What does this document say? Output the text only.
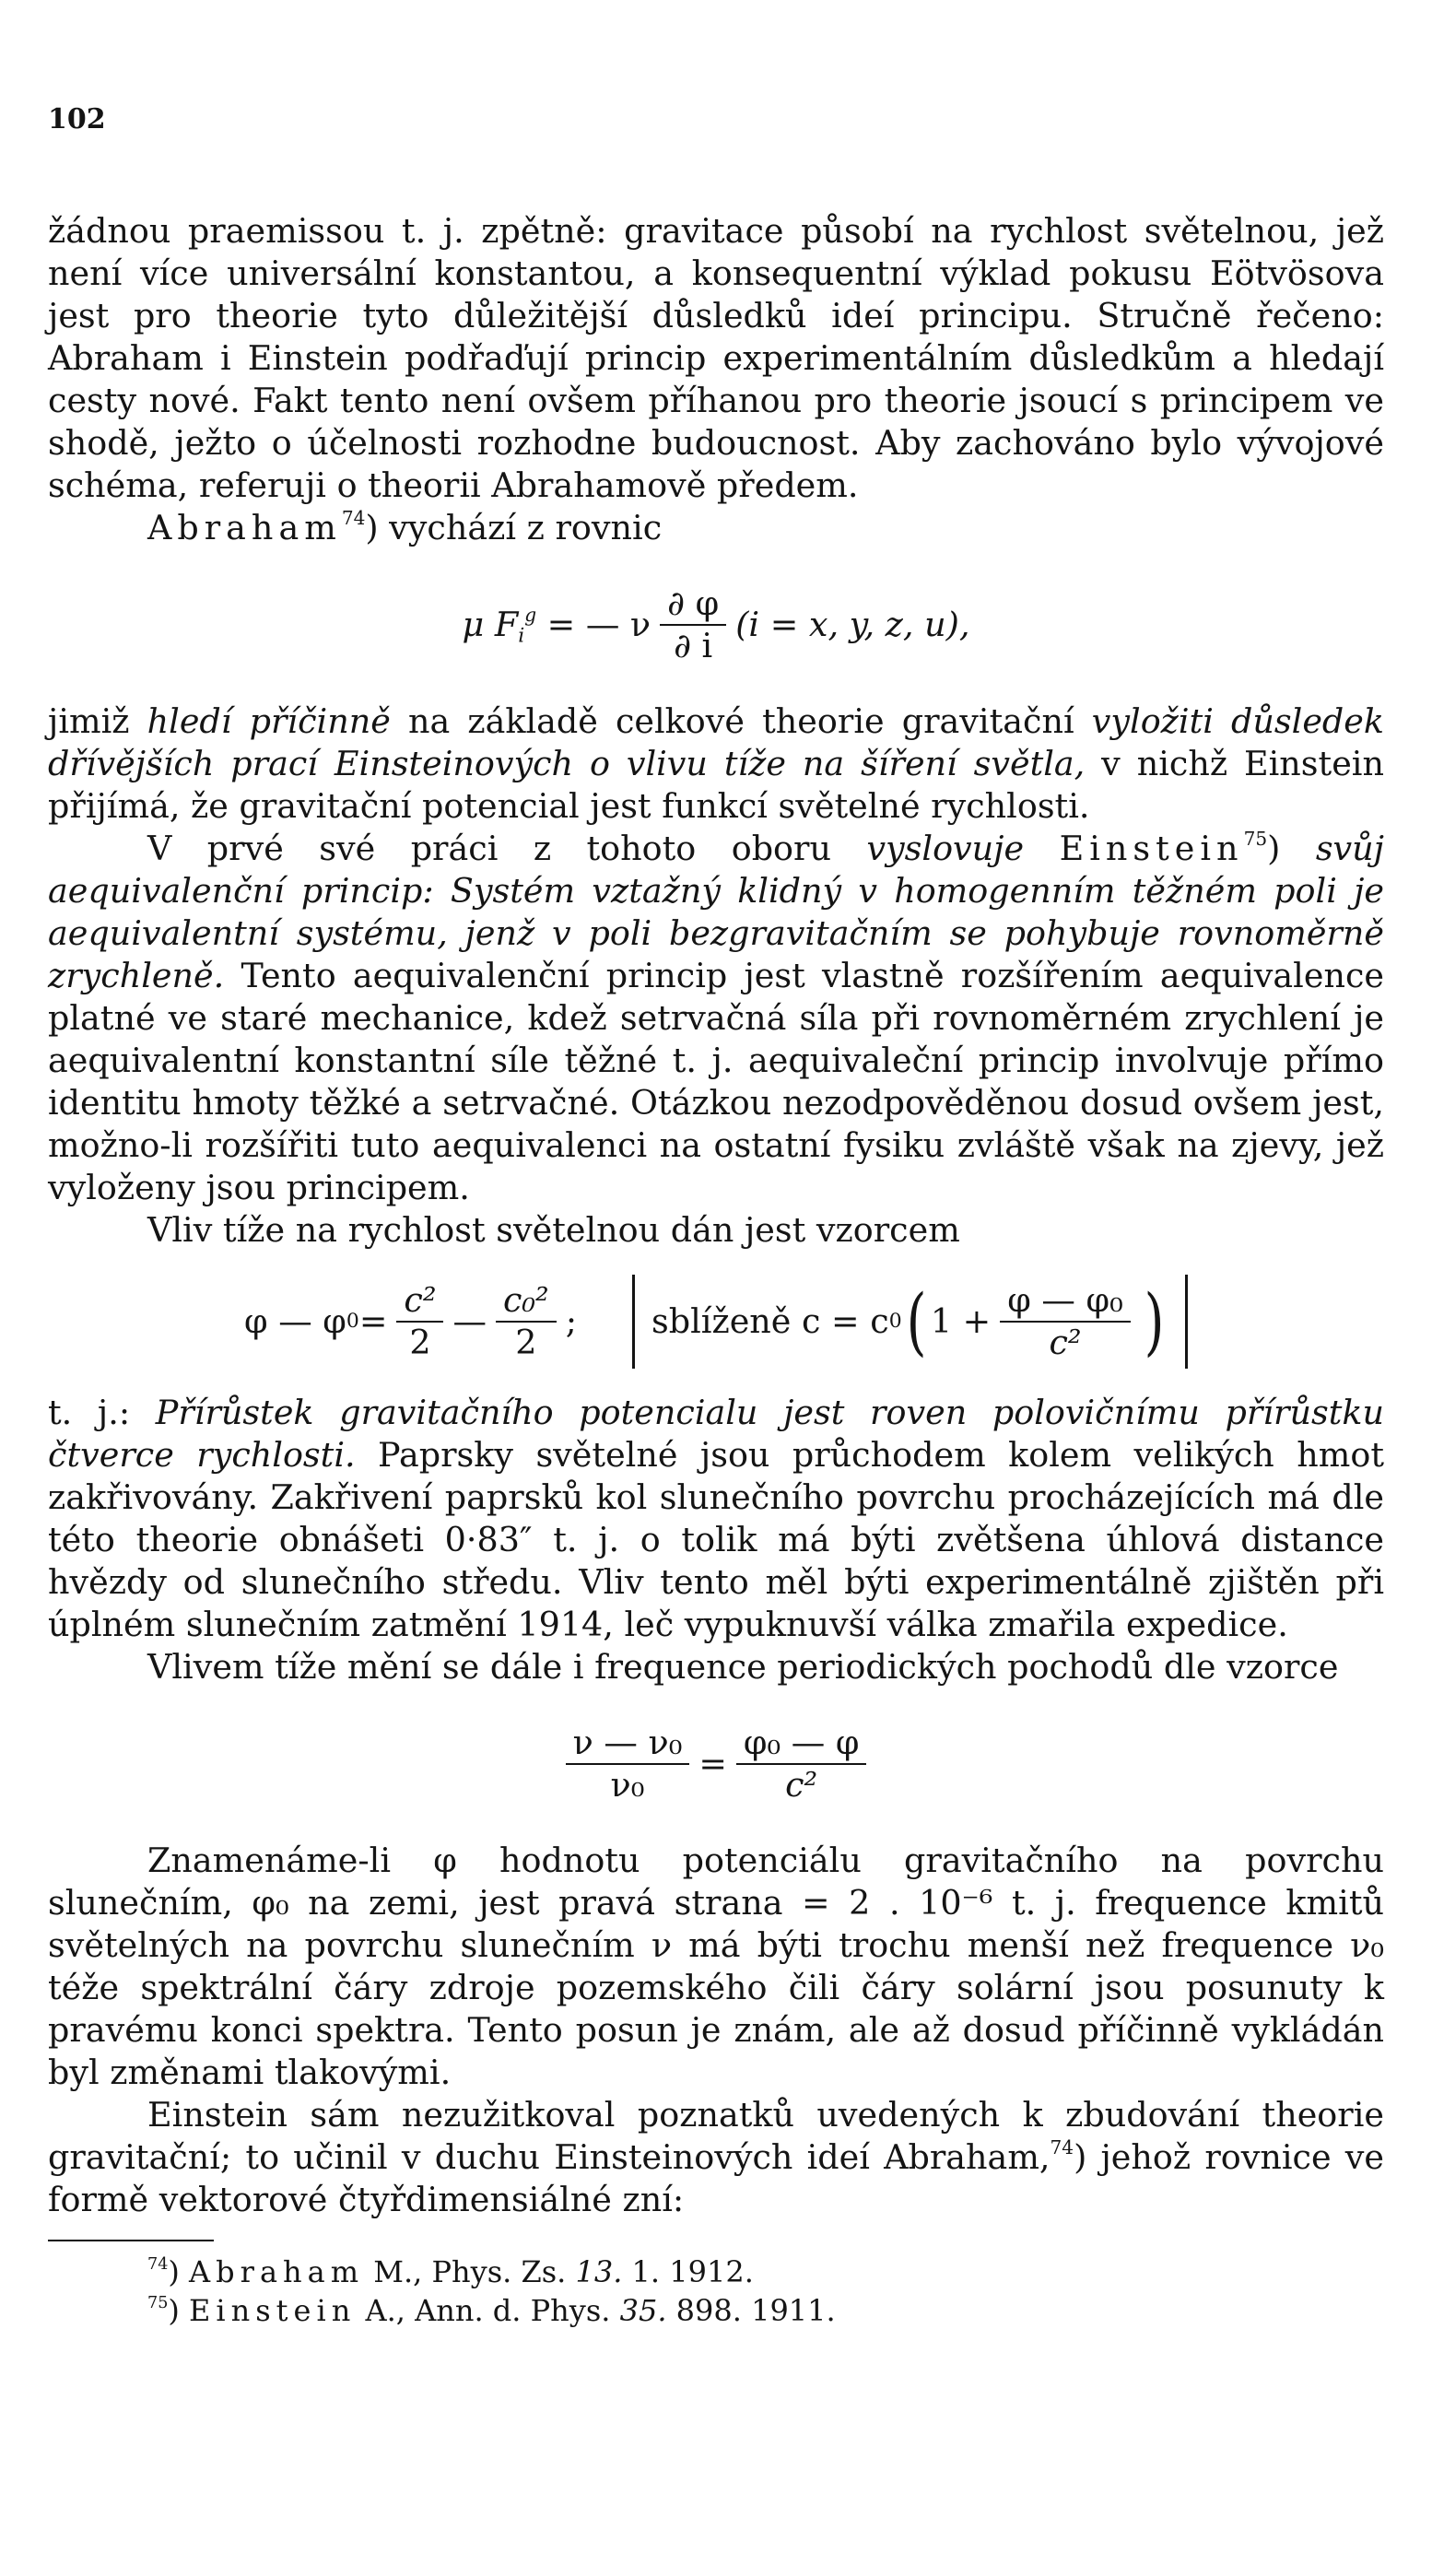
102

žádnou praemissou t. j. zpětně: gravitace působí na rychlost světelnou, jež není více universální konstantou, a konsequentní výklad pokusu Eötvösova jest pro theorie tyto důležitější důsledků ideí principu. Stručně řečeno: Abraham i Einstein podřaďují princip experimentálním důsledkům a hledají cesty nové. Fakt tento není ovšem příhanou pro theorie jsoucí s principem ve shodě, ježto o účelnosti rozhodne budoucnost. Aby zachováno bylo vývojové schéma, referuji o theorii Abrahamově předem.

Abraham$^{74}$) vychází z rovnic

μ $F_i^g$ = — ν $\frac{\partial \varphi}{\partial i} (i = x$, y, z, u),

jimiž hledí příčinně na základě celkové theorie gravitační vyložiti důsledek dřívějších prací Einsteinových o vlivu tíže na šíření světla, v nichž Einstein přijímá, že gravitační potencial jest funkcí světelné rychlosti.

V prvé své práci z tohoto oboru vyslovuje Einstein$^{75}$) svůj aequivalenční princip: Systém vztažný klidný v homogenním těžném poli je aequivalentní systému, jenž v poli bezgravitačním se pohybuje rovnoměrně zrychleně. Tento aequivalenční princip jest vlastně rozšířením aequivalence platné ve staré mechanice, kdež setrvačná síla při rovnoměrném zrychlení je aequivalentní konstantní síle těžné t. j. aequivaleční princip involvuje přímo identitu hmoty těžké a setrvačné. Otázkou nezodpověděnou dosud ovšem jest, možno-li rozšířiti tuto aequivalenci na ostatní fysiku zvláště však na zjevy, jež vyloženy jsou principem.

Vliv tíže na rychlost světelnou dán jest vzorcem

φ — φ $0 = \frac{\text{c²}}{2}$ — $\frac{\text{c₀²}}{2}$ ; sblíženě c = c 0 ( $1 + \frac{\text{φ — φ₀}}{\text{c²}}$ )

t. j.: Přírůstek gravitačního potencialu jest roven polovičnímu přírůstku čtverce rychlosti. Paprsky světelné jsou průchodem kolem velikých hmot zakřivovány. Zakřivení paprsků kol slunečního povrchu procházejících má dle této theorie obnášeti 0·83″ t. j. o tolik má býti zvětšena úhlová distance hvězdy od slunečního středu. Vliv tento měl býti experimentálně zjištěn při úplném slunečním zatmění 1914, leč vypuknuvší válka zmařila expedice.

Vlivem tíže mění se dále i frequence periodických pochodů dle vzorce

$\frac{\text{ν — ν₀}}{\text{ν₀}} = \frac{\text{φ₀ — φ}}{\text{c²}}$

Znamenáme-li φ hodnotu potenciálu gravitačního na povrchu slunečním, φ₀ na zemi, jest pravá strana = 2 . 10⁻⁶ t. j. frequence kmitů světelných na povrchu slunečním ν má býti trochu menší než frequence ν₀ téže spektrální čáry zdroje pozemského čili čáry solární jsou posunuty k pravému konci spektra. Tento posun je znám, ale až dosud příčinně vykládán byl změnami tlakovými.

Einstein sám nezužitkoval poznatků uvedených k zbudování theorie gravitační; to učinil v duchu Einsteinových ideí Abraham,$^{74}$) jehož rovnice ve formě vektorové čtyřdimensiálné zní:

$^{74}$) Abraham M., Phys. Zs. 13. 1. 1912.
$^{75}$) Einstein A., Ann. d. Phys. 35. 898. 1911.
